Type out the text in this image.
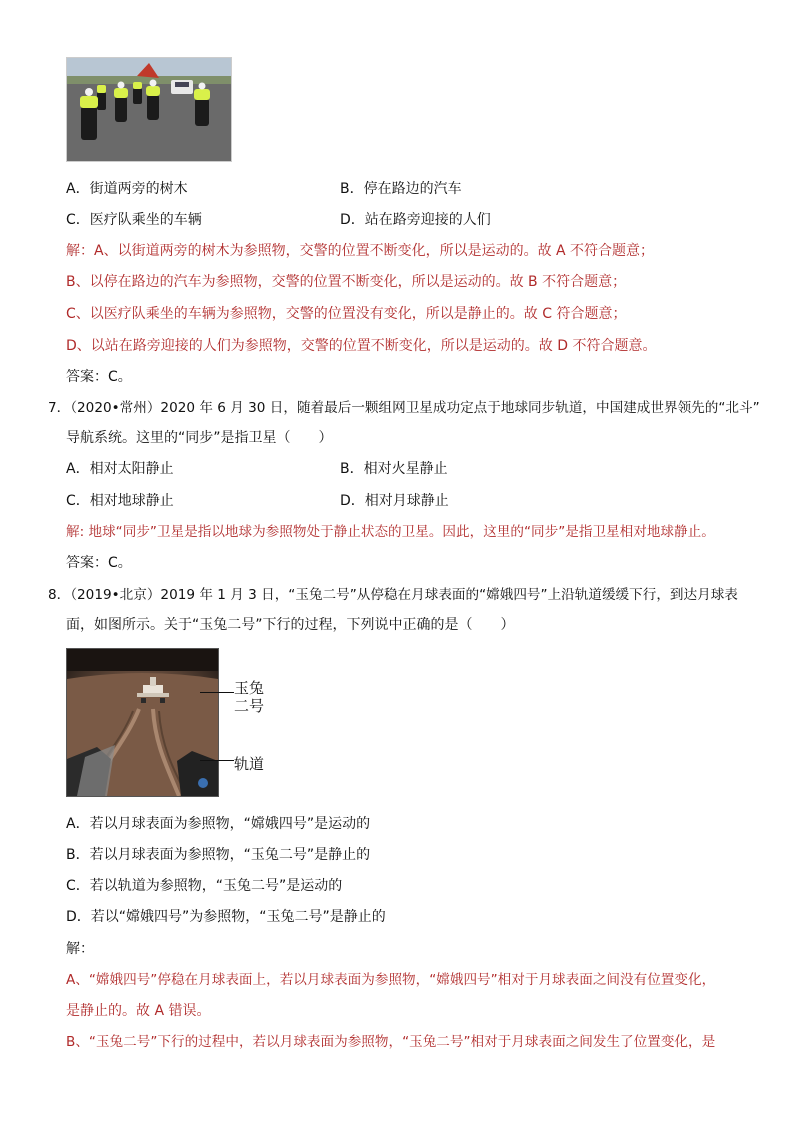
A．街道两旁的树木	B．停在路边的汽车
C．医疗队乘坐的车辆	D．站在路旁迎接的人们
解：A、以街道两旁的树木为参照物，交警的位置不断变化，所以是运动的。故 A 不符合题意；
B、以停在路边的汽车为参照物，交警的位置不断变化，所以是运动的。故 B 不符合题意；
C、以医疗队乘坐的车辆为参照物，交警的位置没有变化，所以是静止的。故 C 符合题意；
D、以站在路旁迎接的人们为参照物，交警的位置不断变化，所以是运动的。故 D 不符合题意。
答案：C。
7．（2020•常州）2020 年 6 月 30 日，随着最后一颗组网卫星成功定点于地球同步轨道，中国建成世界领先的“北斗”
导航系统。这里的“同步”是指卫星（　　）
A．相对太阳静止	B．相对火星静止
C．相对地球静止	D．相对月球静止
解: 地球“同步”卫星是指以地球为参照物处于静止状态的卫星。因此，这里的“同步”是指卫星相对地球静止。
答案：C。
8．（2019•北京）2019 年 1 月 3 日，“玉兔二号”从停稳在月球表面的“嫦娥四号”上沿轨道缓缓下行，到达月球表
面，如图所示。关于“玉兔二号”下行的过程，下列说中正确的是（　　）
玉兔
二号
轨道
A．若以月球表面为参照物，“嫦娥四号”是运动的
B．若以月球表面为参照物，“玉兔二号”是静止的
C．若以轨道为参照物，“玉兔二号”是运动的
D．若以“嫦娥四号”为参照物，“玉兔二号”是静止的
解：
A、“嫦娥四号”停稳在月球表面上，若以月球表面为参照物，“嫦娥四号”相对于月球表面之间没有位置变化，
是静止的。故 A 错误。
B、“玉兔二号”下行的过程中，若以月球表面为参照物，“玉兔二号”相对于月球表面之间发生了位置变化，是
